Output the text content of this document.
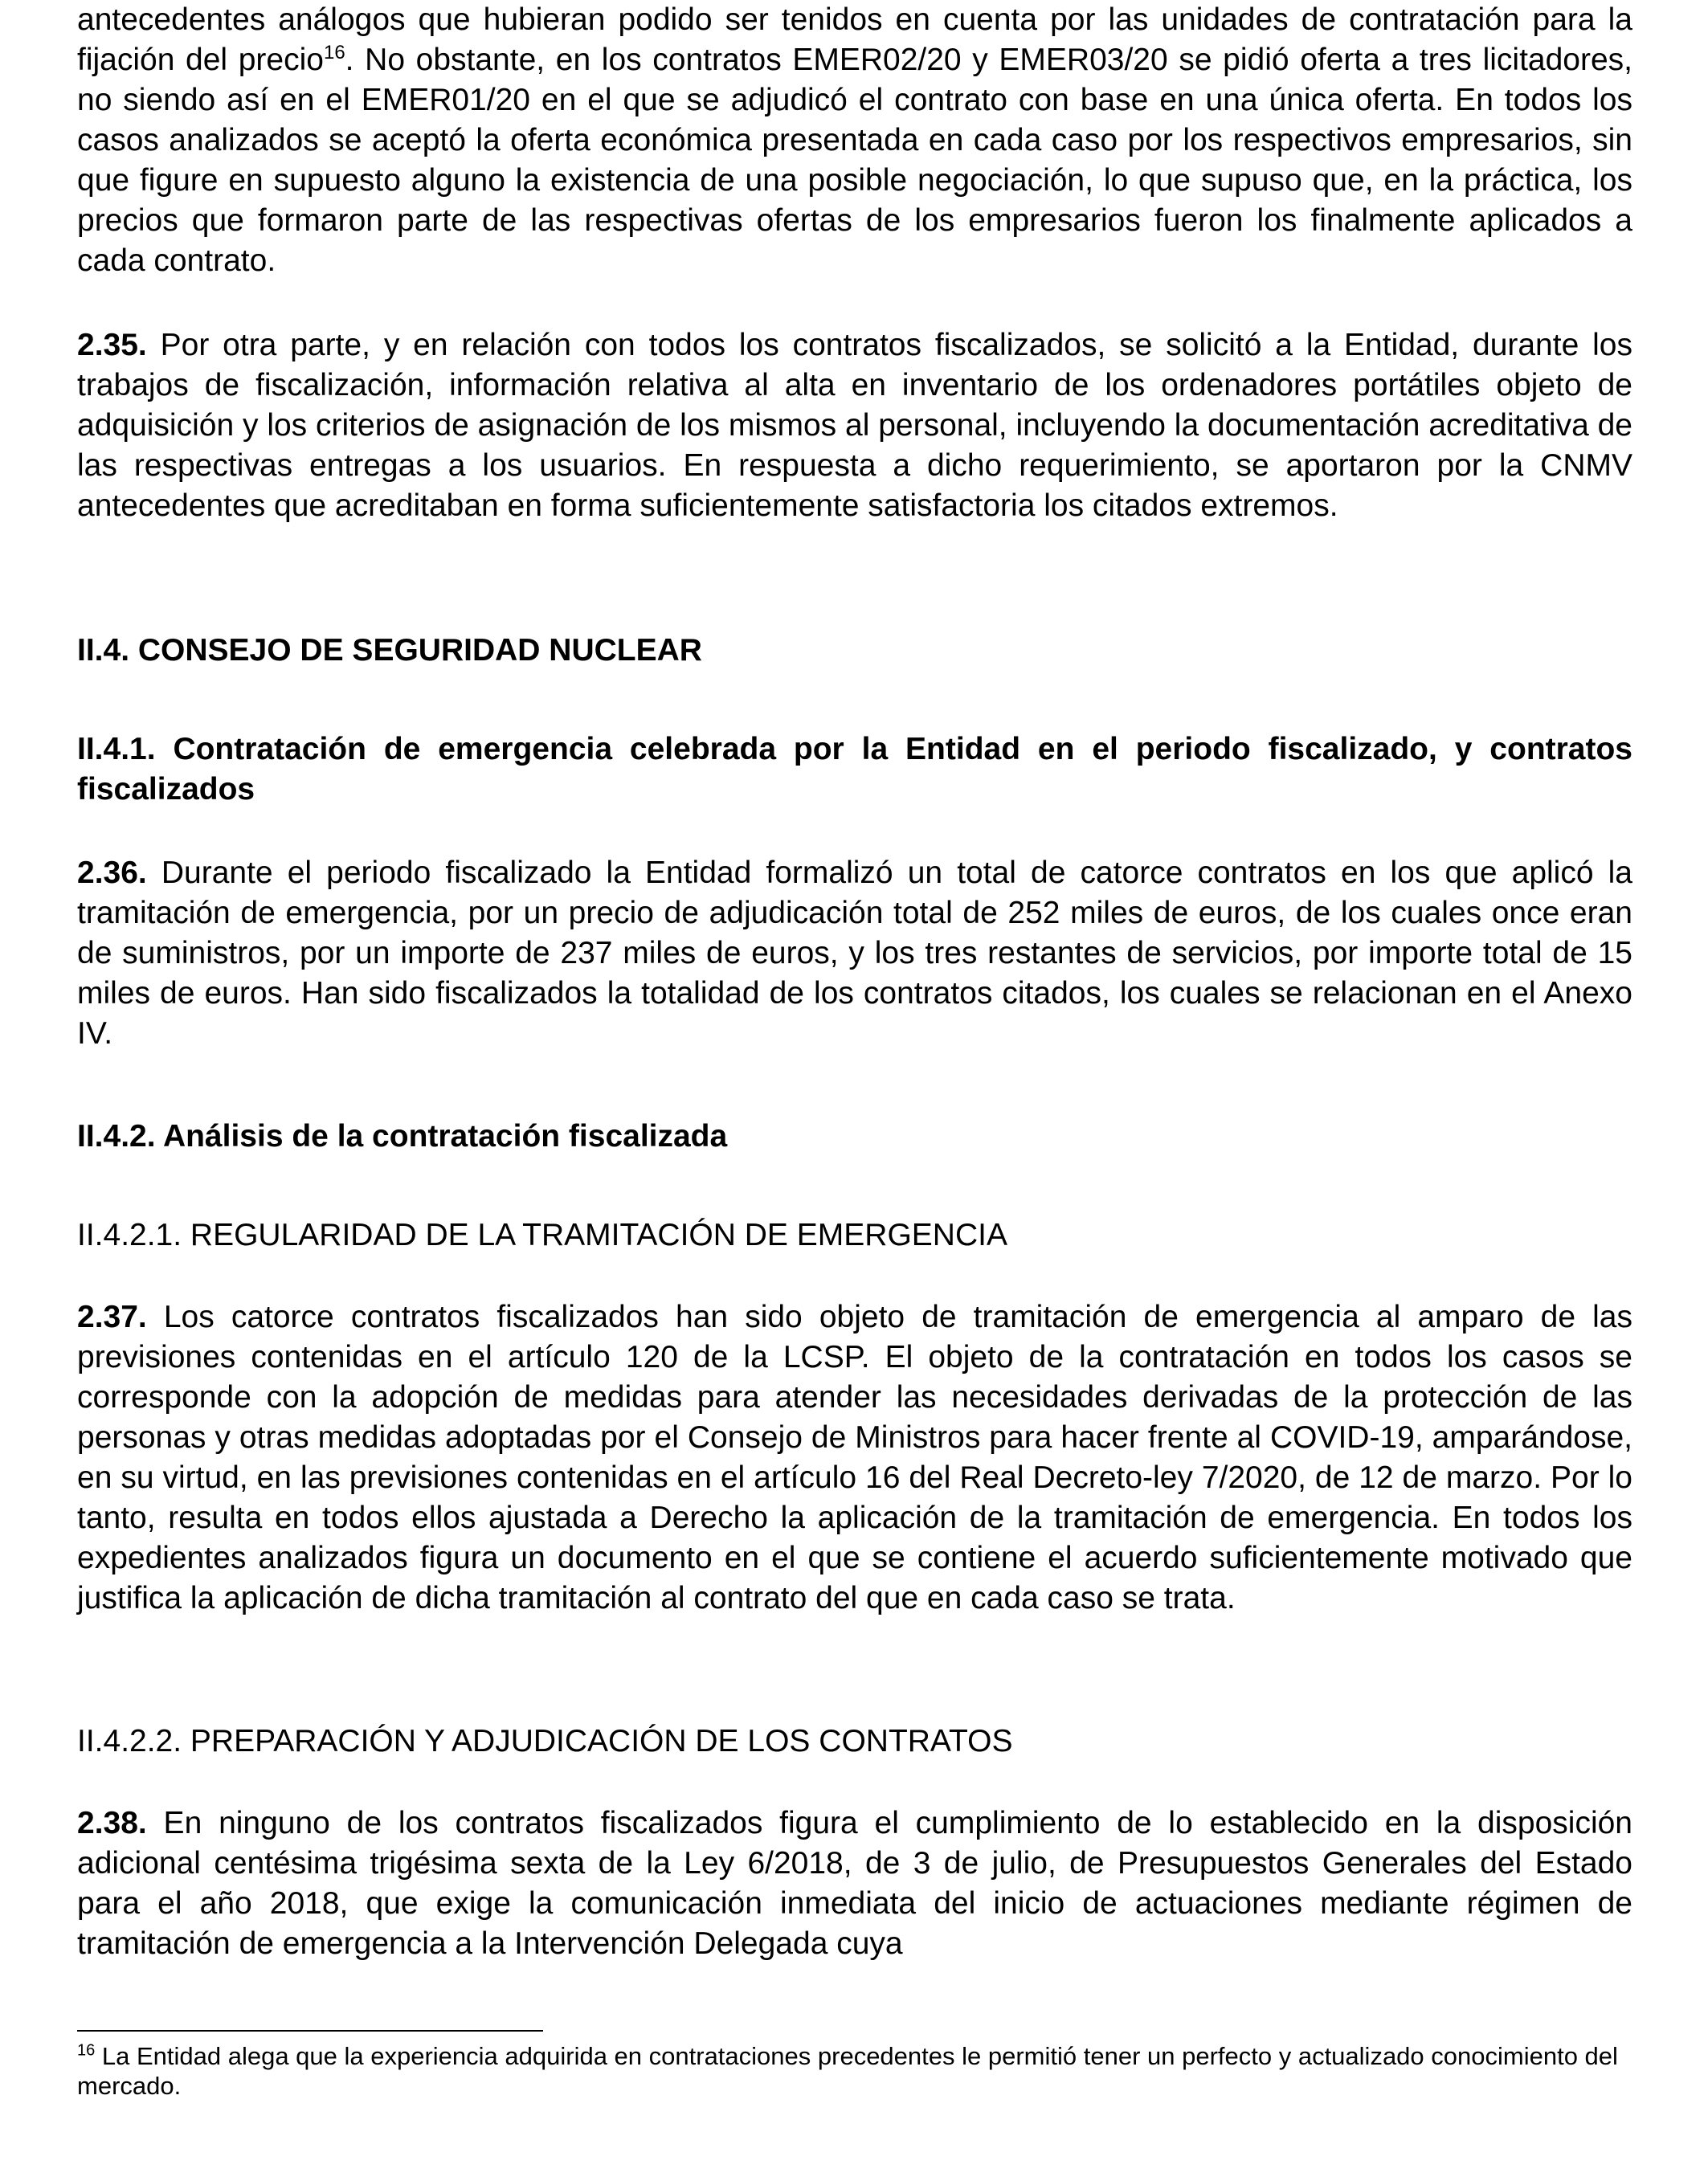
antecedentes análogos que hubieran podido ser tenidos en cuenta por las unidades de contratación para la fijación del precio$^{16}$. No obstante, en los contratos EMER02/20 y EMER03/20 se pidió oferta a tres licitadores, no siendo así en el EMER01/20 en el que se adjudicó el contrato con base en una única oferta. En todos los casos analizados se aceptó la oferta económica presentada en cada caso por los respectivos empresarios, sin que figure en supuesto alguno la existencia de una posible negociación, lo que supuso que, en la práctica, los precios que formaron parte de las respectivas ofertas de los empresarios fueron los finalmente aplicados a cada contrato.

2.35. Por otra parte, y en relación con todos los contratos fiscalizados, se solicitó a la Entidad, durante los trabajos de fiscalización, información relativa al alta en inventario de los ordenadores portátiles objeto de adquisición y los criterios de asignación de los mismos al personal, incluyendo la documentación acreditativa de las respectivas entregas a los usuarios. En respuesta a dicho requerimiento, se aportaron por la CNMV antecedentes que acreditaban en forma suficientemente satisfactoria los citados extremos.

II.4. CONSEJO DE SEGURIDAD NUCLEAR

II.4.1. Contratación de emergencia celebrada por la Entidad en el periodo fiscalizado, y contratos fiscalizados

2.36. Durante el periodo fiscalizado la Entidad formalizó un total de catorce contratos en los que aplicó la tramitación de emergencia, por un precio de adjudicación total de 252 miles de euros, de los cuales once eran de suministros, por un importe de 237 miles de euros, y los tres restantes de servicios, por importe total de 15 miles de euros. Han sido fiscalizados la totalidad de los contratos citados, los cuales se relacionan en el Anexo IV.

II.4.2. Análisis de la contratación fiscalizada

II.4.2.1. REGULARIDAD DE LA TRAMITACIÓN DE EMERGENCIA

2.37. Los catorce contratos fiscalizados han sido objeto de tramitación de emergencia al amparo de las previsiones contenidas en el artículo 120 de la LCSP. El objeto de la contratación en todos los casos se corresponde con la adopción de medidas para atender las necesidades derivadas de la protección de las personas y otras medidas adoptadas por el Consejo de Ministros para hacer frente al COVID-19, amparándose, en su virtud, en las previsiones contenidas en el artículo 16 del Real Decreto-ley 7/2020, de 12 de marzo. Por lo tanto, resulta en todos ellos ajustada a Derecho la aplicación de la tramitación de emergencia. En todos los expedientes analizados figura un documento en el que se contiene el acuerdo suficientemente motivado que justifica la aplicación de dicha tramitación al contrato del que en cada caso se trata.

II.4.2.2. PREPARACIÓN Y ADJUDICACIÓN DE LOS CONTRATOS

2.38. En ninguno de los contratos fiscalizados figura el cumplimiento de lo establecido en la disposición adicional centésima trigésima sexta de la Ley 6/2018, de 3 de julio, de Presupuestos Generales del Estado para el año 2018, que exige la comunicación inmediata del inicio de actuaciones mediante régimen de tramitación de emergencia a la Intervención Delegada cuya

$^{16}$ La Entidad alega que la experiencia adquirida en contrataciones precedentes le permitió tener un perfecto y actualizado conocimiento del mercado.
